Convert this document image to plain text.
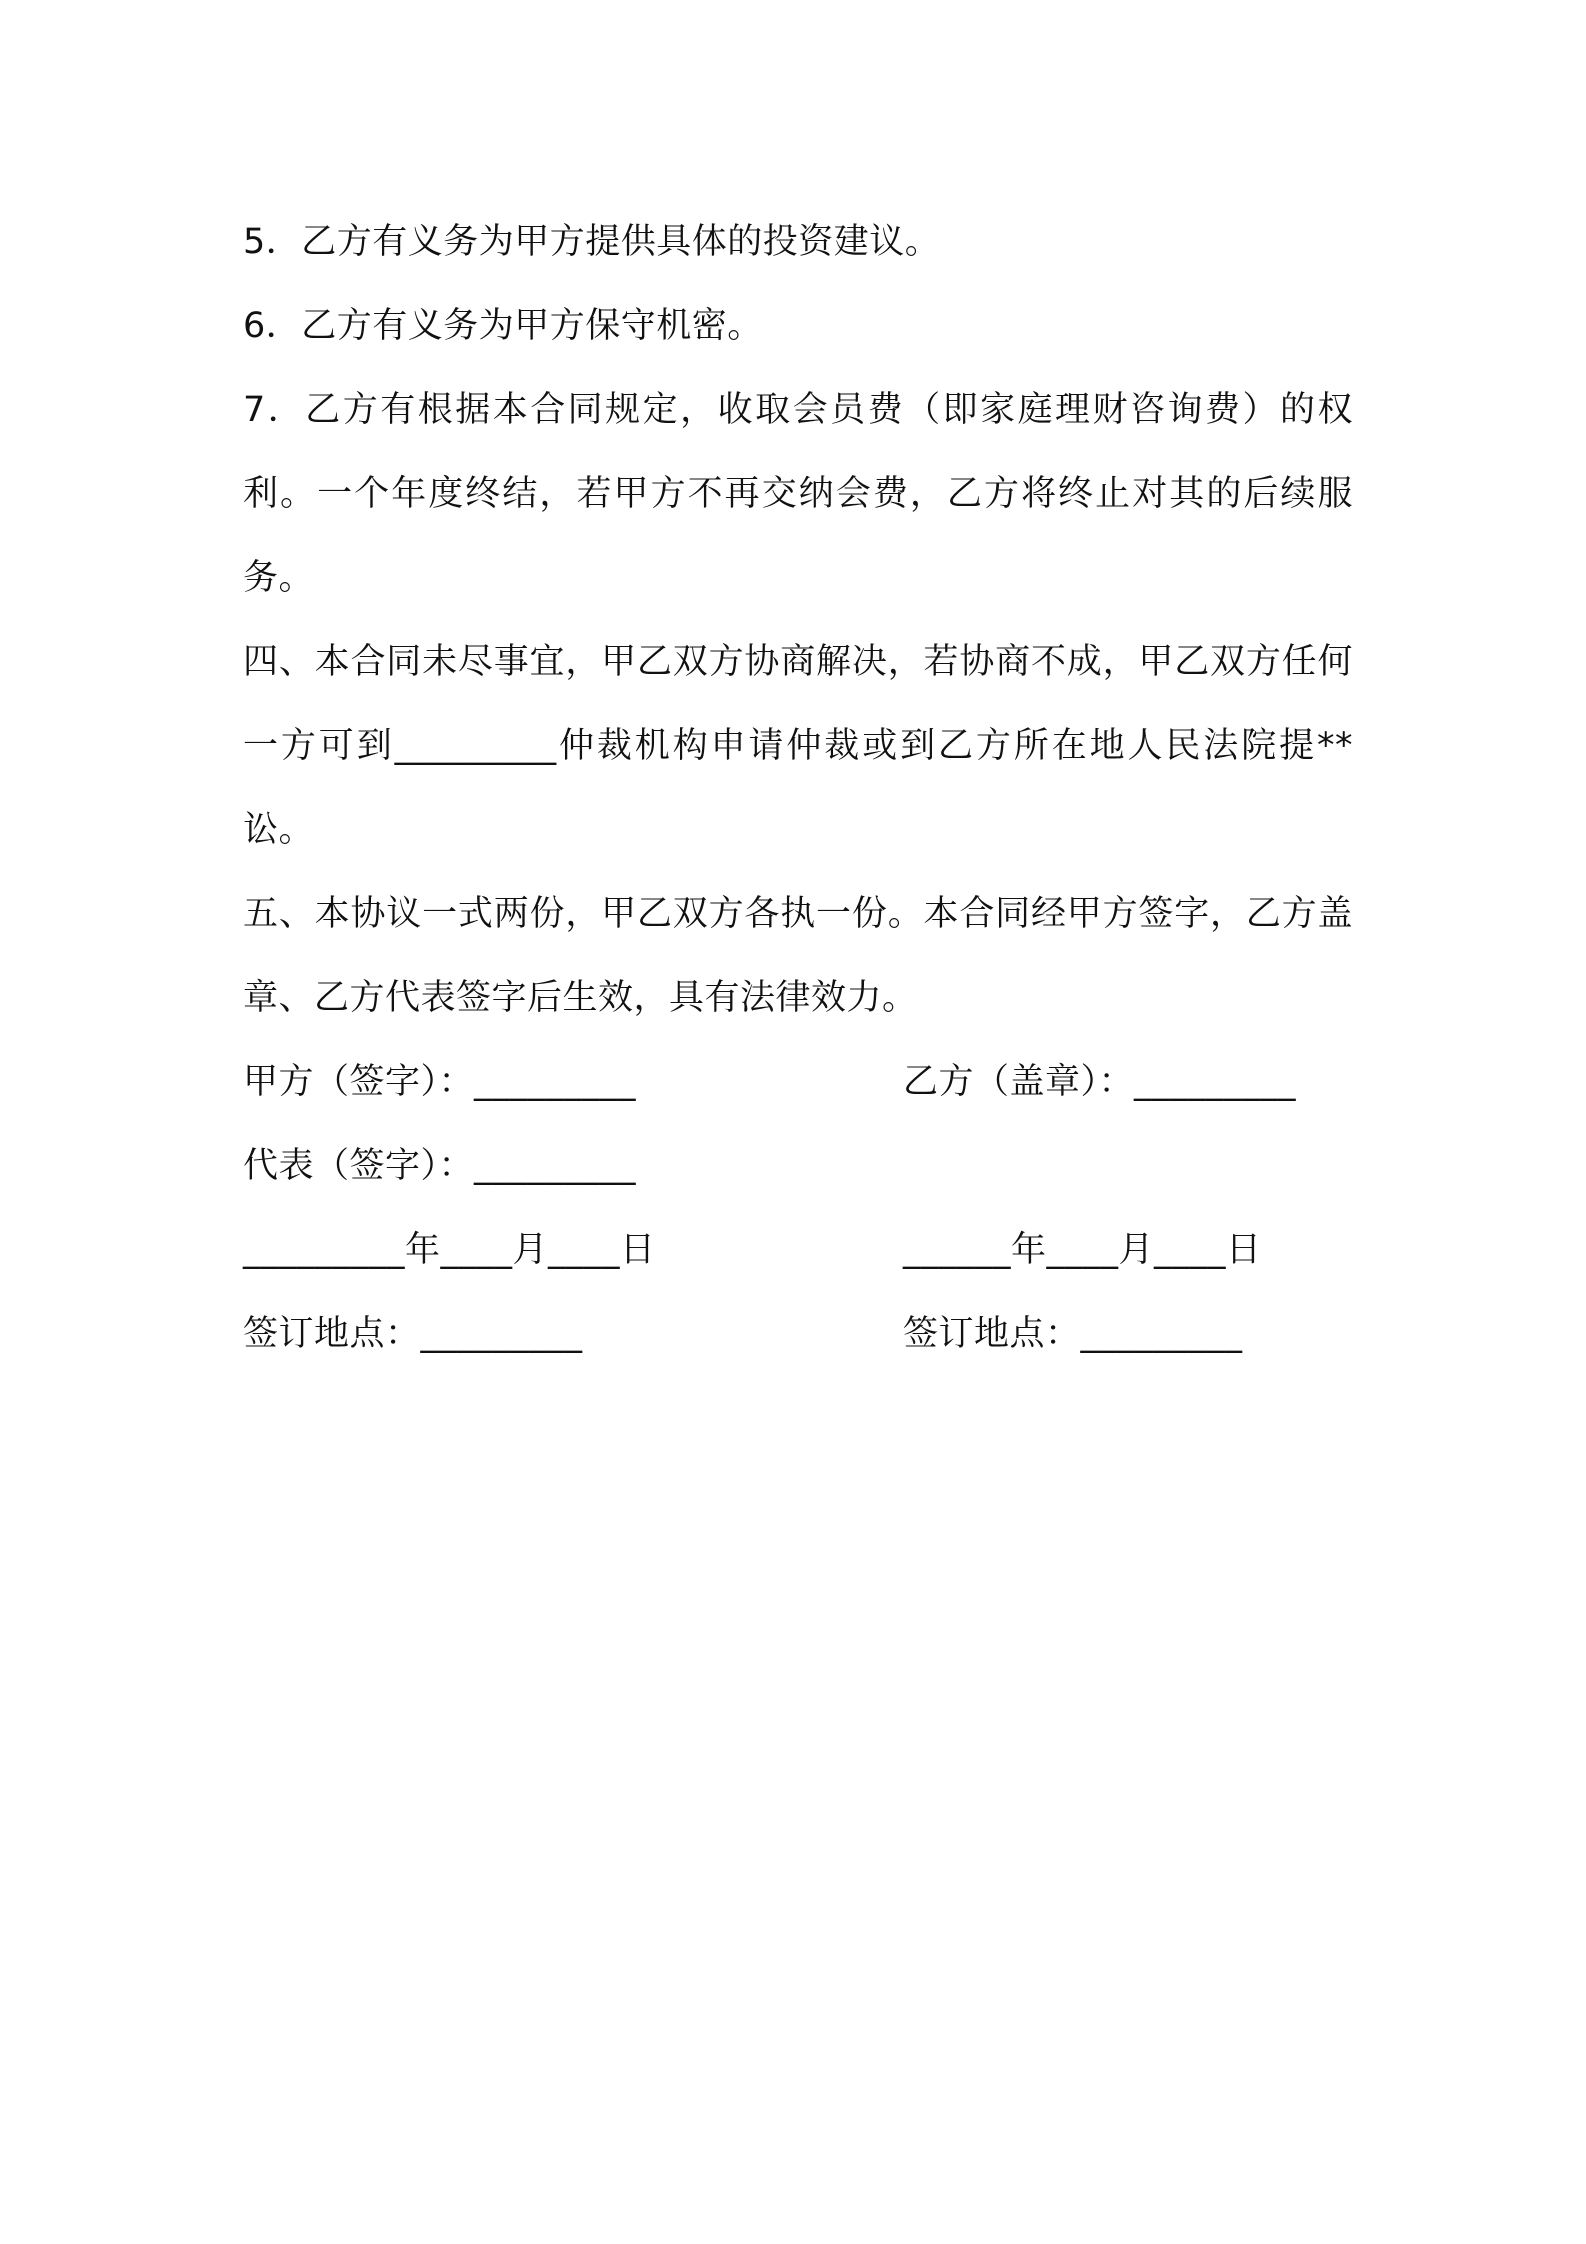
5．乙方有义务为甲方提供具体的投资建议。

6．乙方有义务为甲方保守机密。

7．乙方有根据本合同规定，收取会员费（即家庭理财咨询费）的权利。一个年度终结，若甲方不再交纳会费，乙方将终止对其的后续服务。

四、本合同未尽事宜，甲乙双方协商解决，若协商不成，甲乙双方任何一方可到_________仲裁机构申请仲裁或到乙方所在地人民法院提**讼。

五、本协议一式两份，甲乙双方各执一份。本合同经甲方签字，乙方盖章、乙方代表签字后生效，具有法律效力。

甲方（签字）：_________	乙方（盖章）：_________
代表（签字）：_________
_________年____月____日	______年____月____日
签订地点：_________	签订地点：_________
